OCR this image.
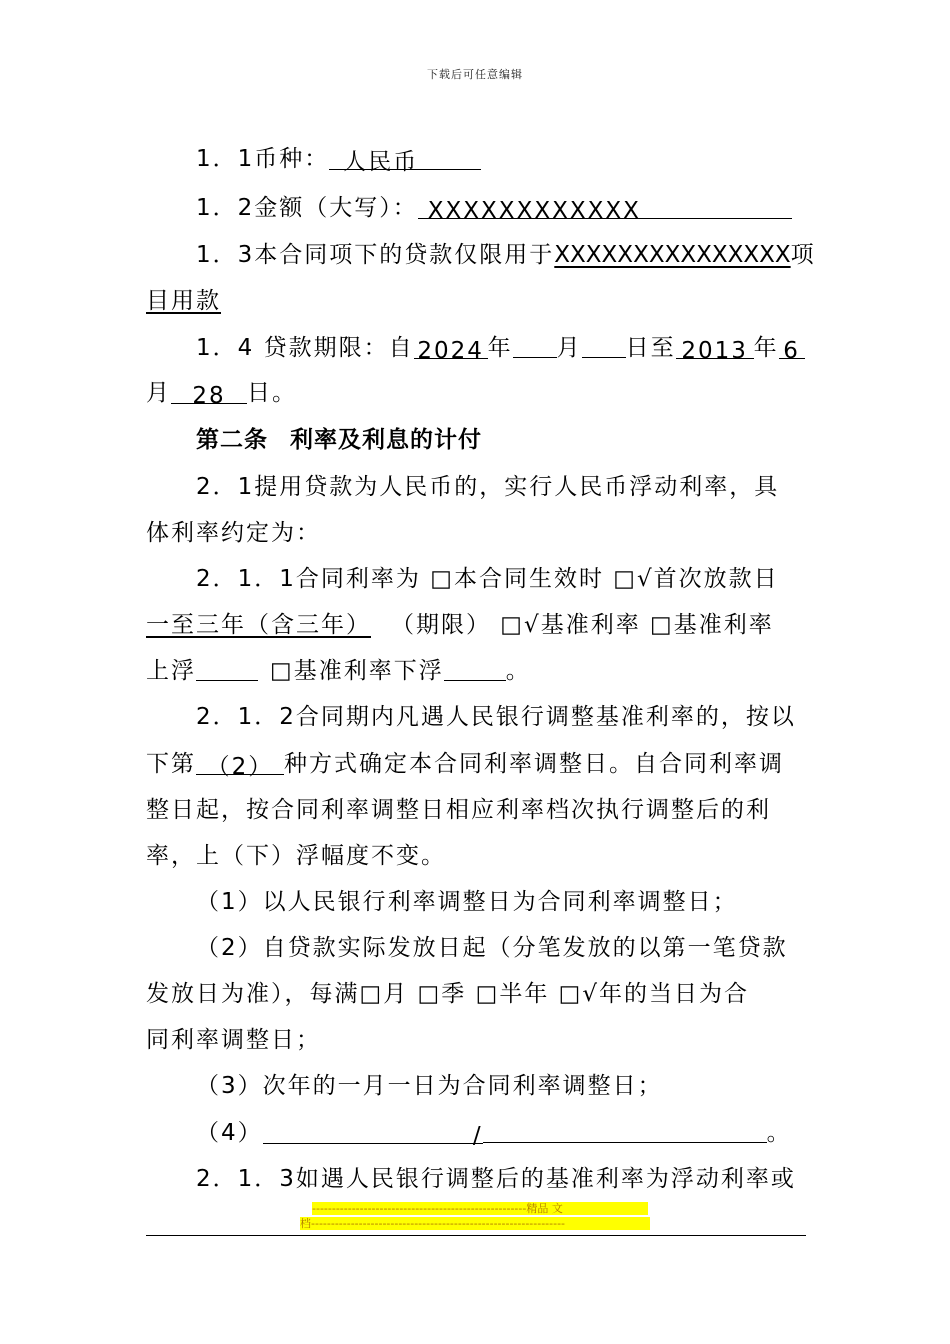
下载后可任意编辑
1．1币种： 人民币
1．2金额（大写）： XXXXXXXXXXXX
1．3本合同项下的贷款仅限用于XXXXXXXXXXXXXXX项
目用款
1．4 贷款期限：自 2024 年 月 日至 2013 年 6
月 28 日。
第二条 利率及利息的计付
2．1提用贷款为人民币的，实行人民币浮动利率，具
体利率约定为：
2．1．1合同利率为 □本合同生效时 □√首次放款日
一至三年（含三年） （期限） □√基准利率 □基准利率
上浮	□基准利率下浮	。
2．1．2合同期内凡遇人民银行调整基准利率的，按以
下第 （2） 种方式确定本合同利率调整日。自合同利率调
整日起，按合同利率调整日相应利率档次执行调整后的利
率，上（下）浮幅度不变。
（1）以人民银行利率调整日为合同利率调整日；
（2）自贷款实际发放日起（分笔发放的以第一笔贷款
发放日为准），每满□月 □季 □半年 □√年的当日为合
同利率调整日；
（3）次年的一月一日为合同利率调整日；
（4）	/	。
2．1．3如遇人民银行调整后的基准利率为浮动利率或
------------------------------------------------------精品 文
档----------------------------------------------------------------
